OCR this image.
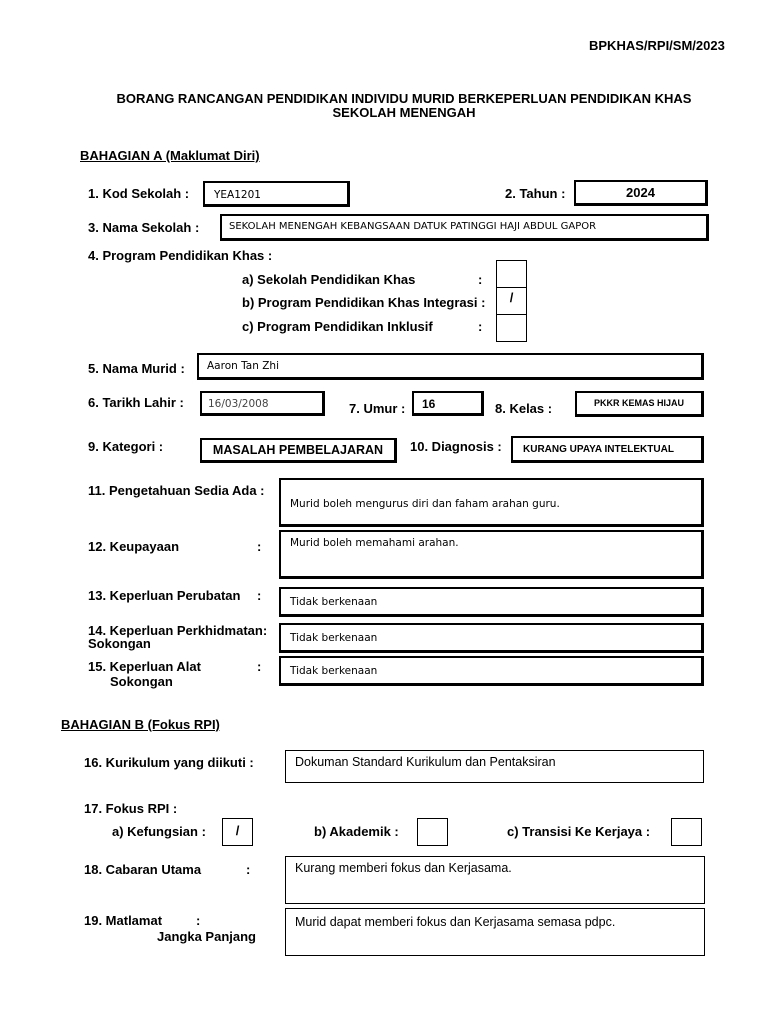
BPKHAS/RPI/SM/2023
BORANG RANCANGAN PENDIDIKAN INDIVIDU MURID BERKEPERLUAN PENDIDIKAN KHAS
SEKOLAH MENENGAH
BAHAGIAN A (Maklumat Diri)
1. Kod Sekolah : YEA1201	2. Tahun :	2024
3. Nama Sekolah :	SEKOLAH MENENGAH KEBANGSAAN DATUK PATINGGI HAJI ABDUL GAPOR
4. Program Pendidikan Khas :
a) Sekolah Pendidikan Khas	:
b) Program Pendidikan Khas Integrasi :	/
c) Program Pendidikan Inklusif	:
5. Nama Murid : Aaron Tan Zhi
6. Tarikh Lahir : 16/03/2008	7. Umur : 16	8. Kelas :	PKKR KEMAS HIJAU
9. Kategori :	MASALAH PEMBELAJARAN	10. Diagnosis : KURANG UPAYA INTELEKTUAL
11. Pengetahuan Sedia Ada :
Murid boleh mengurus diri dan faham arahan guru.
12. Keupayaan	:	Murid boleh memahami arahan.
13. Keperluan Perubatan :	Tidak berkenaan
14. Keperluan Perkhidmatan:
Sokongan	Tidak berkenaan
15. Keperluan Alat
Sokongan
:	Tidak berkenaan
BAHAGIAN B (Fokus RPI)
16. Kurikulum yang diikuti :	Dokuman Standard Kurikulum dan Pentaksiran
17. Fokus RPI :
a) Kefungsian :	/	b) Akademik :	c) Transisi Ke Kerjaya :
18. Cabaran Utama	:	Kurang memberi fokus dan Kerjasama.
19. Matlamat	:
Jangka Panjang
Murid dapat memberi fokus dan Kerjasama semasa pdpc.
